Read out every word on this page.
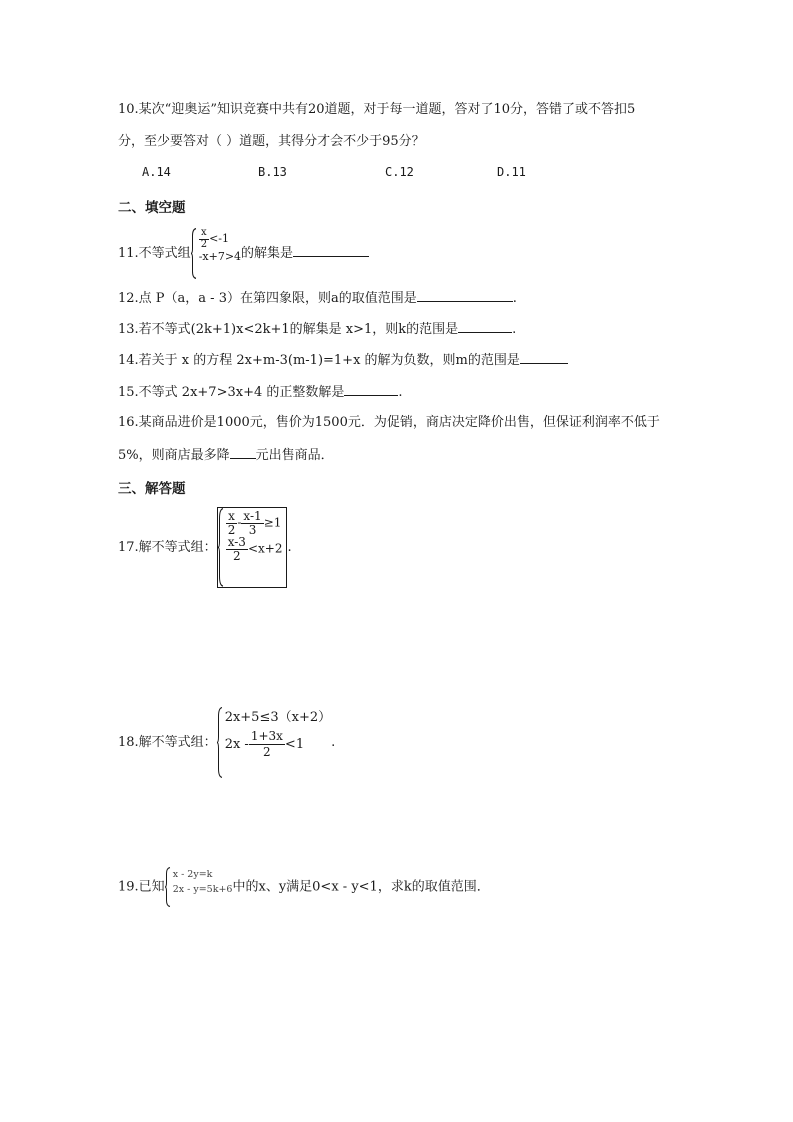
10.某次“迎奥运”知识竞赛中共有20道题，对于每一道题，答对了10分，答错了或不答扣5
分，至少要答对（ ）道题，其得分才会不少于95分？
A.14	B.13	C.12	D.11
二、填空题
11.不等式组
$\frac{x}{2} <-1$
-x+7>4 的解集是
12.点 P（a，a - 3）在第四象限，则a的取值范围是	.
13.若不等式(2k+1)x<2k+1的解集是 x>1，则k的范围是	.
14.若关于 x 的方程 2x+m-3(m-1)=1+x 的解为负数，则m的范围是
15.不等式 2x+7>3x+4 的正整数解是	.
16.某商品进价是1000元，售价为1500元．为促销，商店决定降价出售，但保证利润率不低于
5%，则商店最多降 元出售商品．
三、解答题
17.解不等式组：
$\frac{x}{2} - \frac{x-1}{3} \ge 1$
$\frac{x-3}{2} <x+2$ .
18.解不等式组：
2x+5≤3（x+2）
$2x - \frac{1+3x}{2} <1$	.
19.已知
x - 2y=k
2x - y=5k+6 中的x、y满足0<x - y<1，求k的取值范围．
